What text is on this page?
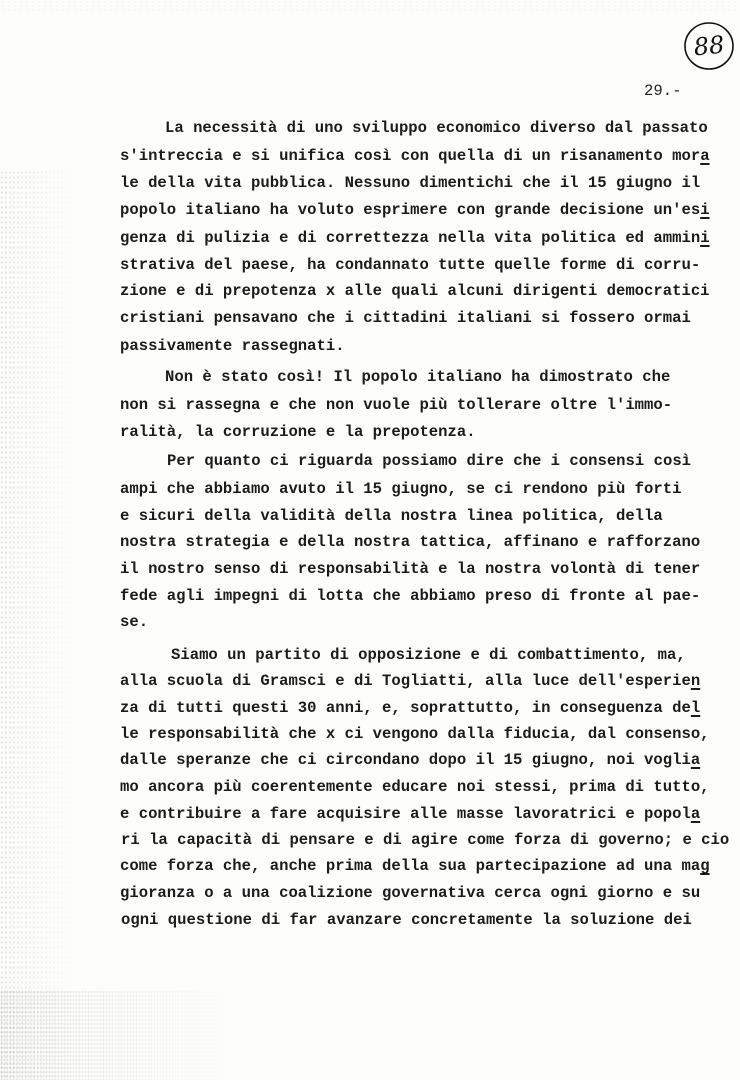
88
29.-
La necessità di uno sviluppo economico diverso dal passato
s'intreccia e si unifica così con quella di un risanamento mora
le della vita pubblica. Nessuno dimentichi che il 15 giugno il
popolo italiano ha voluto esprimere con grande decisione un'esi
genza di pulizia e di correttezza nella vita politica ed ammini
strativa del paese, ha condannato tutte quelle forme di corru-
zione e di prepotenza x alle quali alcuni dirigenti democratici
cristiani pensavano che i cittadini italiani si fossero ormai
passivamente rassegnati.
Non è stato così! Il popolo italiano ha dimostrato che
non si rassegna e che non vuole più tollerare oltre l'immo-
ralità, la corruzione e la prepotenza.
Per quanto ci riguarda possiamo dire che i consensi così
ampi che abbiamo avuto il 15 giugno, se ci rendono più forti
e sicuri della validità della nostra linea politica, della
nostra strategia e della nostra tattica, affinano e rafforzano
il nostro senso di responsabilità e la nostra volontà di tener
fede agli impegni di lotta che abbiamo preso di fronte al pae-
se.
Siamo un partito di opposizione e di combattimento, ma,
alla scuola di Gramsci e di Togliatti, alla luce dell'esperien
za di tutti questi 30 anni, e, soprattutto, in conseguenza del
le responsabilità che x ci vengono dalla fiducia, dal consenso,
dalle speranze che ci circondano dopo il 15 giugno, noi voglia
mo ancora più coerentemente educare noi stessi, prima di tutto,
e contribuire a fare acquisire alle masse lavoratrici e popola
ri la capacità di pensare e di agire come forza di governo; e cio
come forza che, anche prima della sua partecipazione ad una mag
gioranza o a una coalizione governativa cerca ogni giorno e su
ogni questione di far avanzare concretamente la soluzione dei
